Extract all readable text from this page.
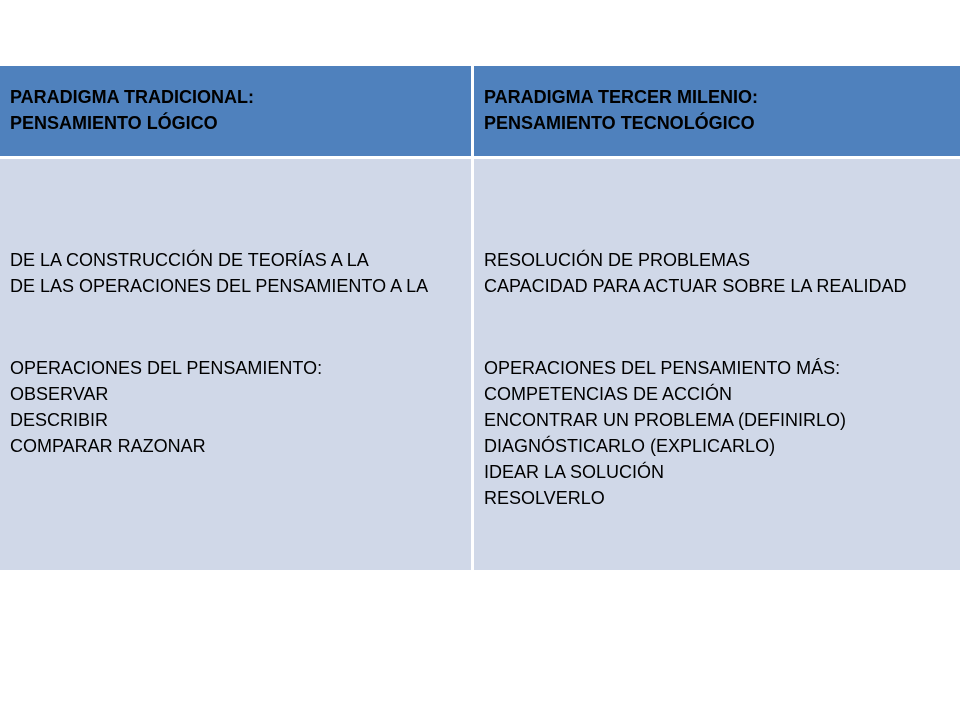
PARADIGMA TRADICIONAL:
PENSAMIENTO LÓGICO
PARADIGMA TERCER MILENIO:
PENSAMIENTO TECNOLÓGICO
DE LA CONSTRUCCIÓN DE TEORÍAS A LA
DE LAS OPERACIONES DEL PENSAMIENTO A LA
OPERACIONES DEL PENSAMIENTO:
OBSERVAR
DESCRIBIR
COMPARAR RAZONAR
RESOLUCIÓN DE PROBLEMAS
CAPACIDAD PARA ACTUAR SOBRE LA REALIDAD
OPERACIONES DEL PENSAMIENTO MÁS:
COMPETENCIAS DE ACCIÓN
ENCONTRAR UN PROBLEMA (DEFINIRLO)
DIAGNÓSTICARLO (EXPLICARLO)
IDEAR LA SOLUCIÓN
RESOLVERLO
